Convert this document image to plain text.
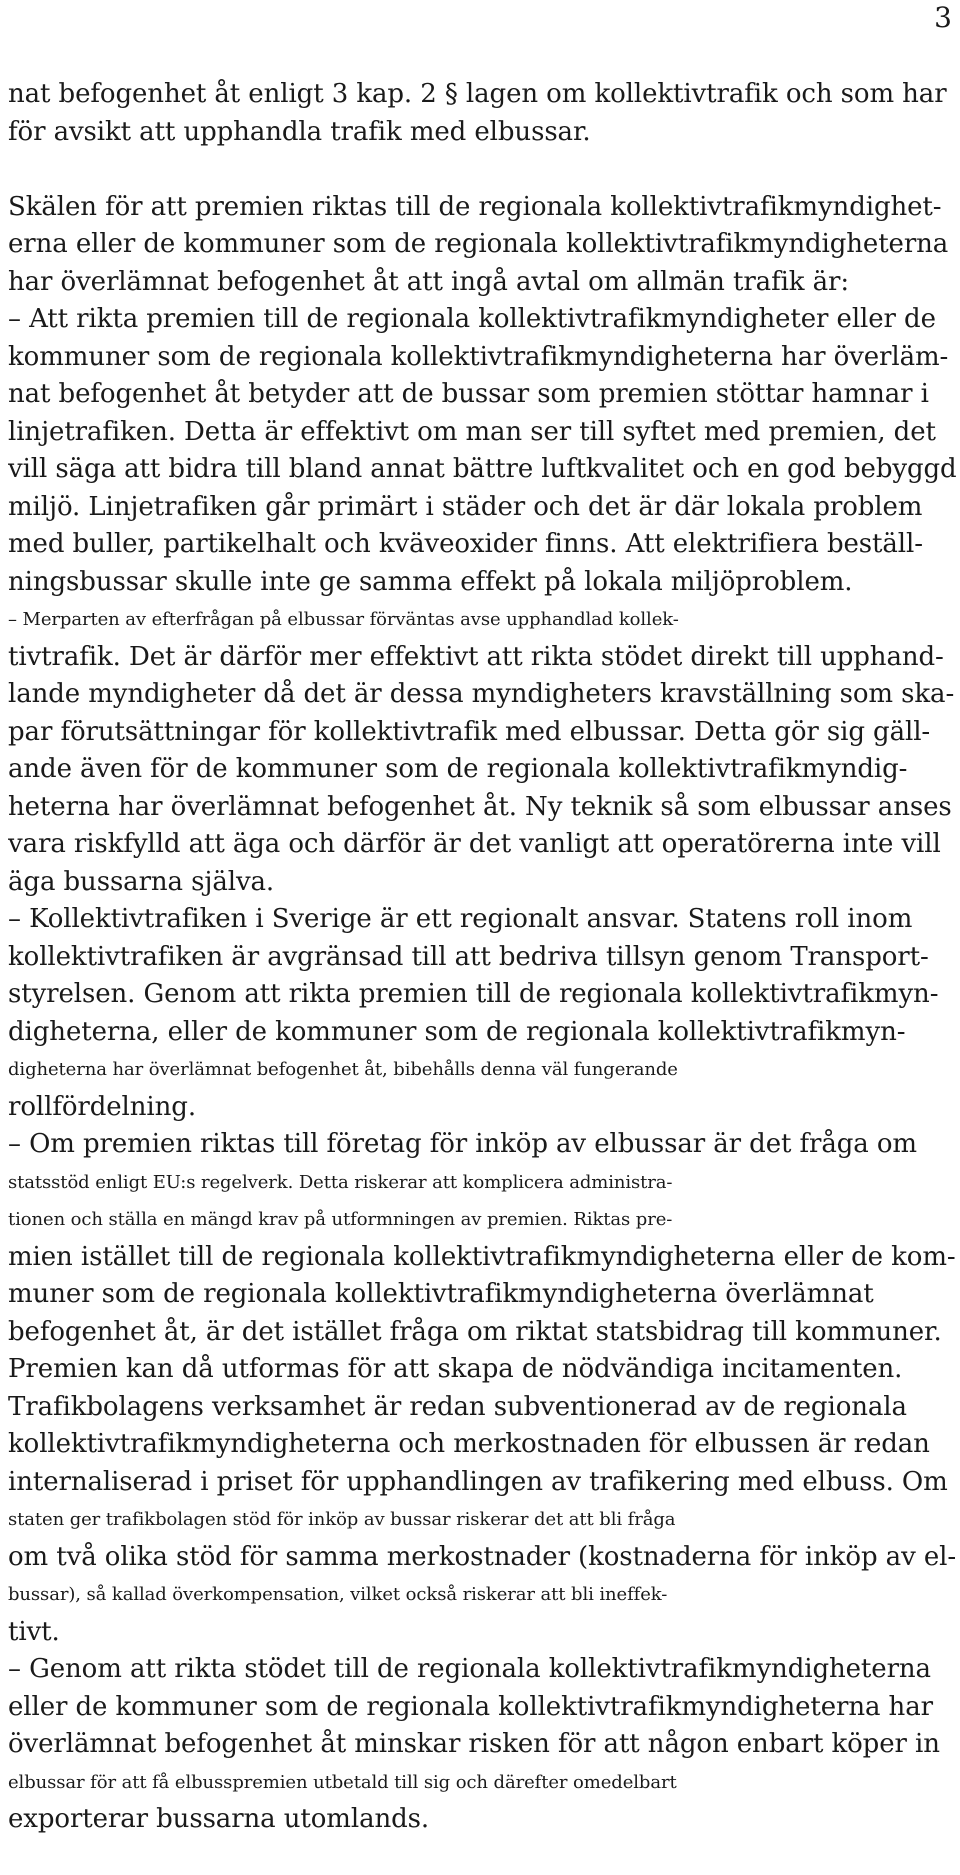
3
nat befogenhet åt enligt 3 kap. 2 § lagen om kollektivtrafik och som har
för avsikt att upphandla trafik med elbussar.
Skälen för att premien riktas till de regionala kollektivtrafikmyndighet-
erna eller de kommuner som de regionala kollektivtrafikmyndigheterna
har överlämnat befogenhet åt att ingå avtal om allmän trafik är:
– Att rikta premien till de regionala kollektivtrafikmyndigheter eller de
kommuner som de regionala kollektivtrafikmyndigheterna har överläm-
nat befogenhet åt betyder att de bussar som premien stöttar hamnar i
linjetrafiken. Detta är effektivt om man ser till syftet med premien, det
vill säga att bidra till bland annat bättre luftkvalitet och en god bebyggd
miljö. Linjetrafiken går primärt i städer och det är där lokala problem
med buller, partikelhalt och kväveoxider finns. Att elektrifiera beställ-
ningsbussar skulle inte ge samma effekt på lokala miljöproblem.
– Merparten av efterfrågan på elbussar förväntas avse upphandlad kollek-
tivtrafik. Det är därför mer effektivt att rikta stödet direkt till upphand-
lande myndigheter då det är dessa myndigheters kravställning som ska-
par förutsättningar för kollektivtrafik med elbussar. Detta gör sig gäll-
ande även för de kommuner som de regionala kollektivtrafikmyndig-
heterna har överlämnat befogenhet åt. Ny teknik så som elbussar anses
vara riskfylld att äga och därför är det vanligt att operatörerna inte vill
äga bussarna själva.
– Kollektivtrafiken i Sverige är ett regionalt ansvar. Statens roll inom
kollektivtrafiken är avgränsad till att bedriva tillsyn genom Transport-
styrelsen. Genom att rikta premien till de regionala kollektivtrafikmyn-
digheterna, eller de kommuner som de regionala kollektivtrafikmyn-
digheterna har överlämnat befogenhet åt, bibehålls denna väl fungerande
rollfördelning.
– Om premien riktas till företag för inköp av elbussar är det fråga om
statsstöd enligt EU:s regelverk. Detta riskerar att komplicera administra-
tionen och ställa en mängd krav på utformningen av premien. Riktas pre-
mien istället till de regionala kollektivtrafikmyndigheterna eller de kom-
muner som de regionala kollektivtrafikmyndigheterna överlämnat
befogenhet åt, är det istället fråga om riktat statsbidrag till kommuner.
Premien kan då utformas för att skapa de nödvändiga incitamenten.
Trafikbolagens verksamhet är redan subventionerad av de regionala
kollektivtrafikmyndigheterna och merkostnaden för elbussen är redan
internaliserad i priset för upphandlingen av trafikering med elbuss. Om
staten ger trafikbolagen stöd för inköp av bussar riskerar det att bli fråga
om två olika stöd för samma merkostnader (kostnaderna för inköp av el-
bussar), så kallad överkompensation, vilket också riskerar att bli ineffek-
tivt.
– Genom att rikta stödet till de regionala kollektivtrafikmyndigheterna
eller de kommuner som de regionala kollektivtrafikmyndigheterna har
överlämnat befogenhet åt minskar risken för att någon enbart köper in
elbussar för att få elbusspremien utbetald till sig och därefter omedelbart
exporterar bussarna utomlands.
